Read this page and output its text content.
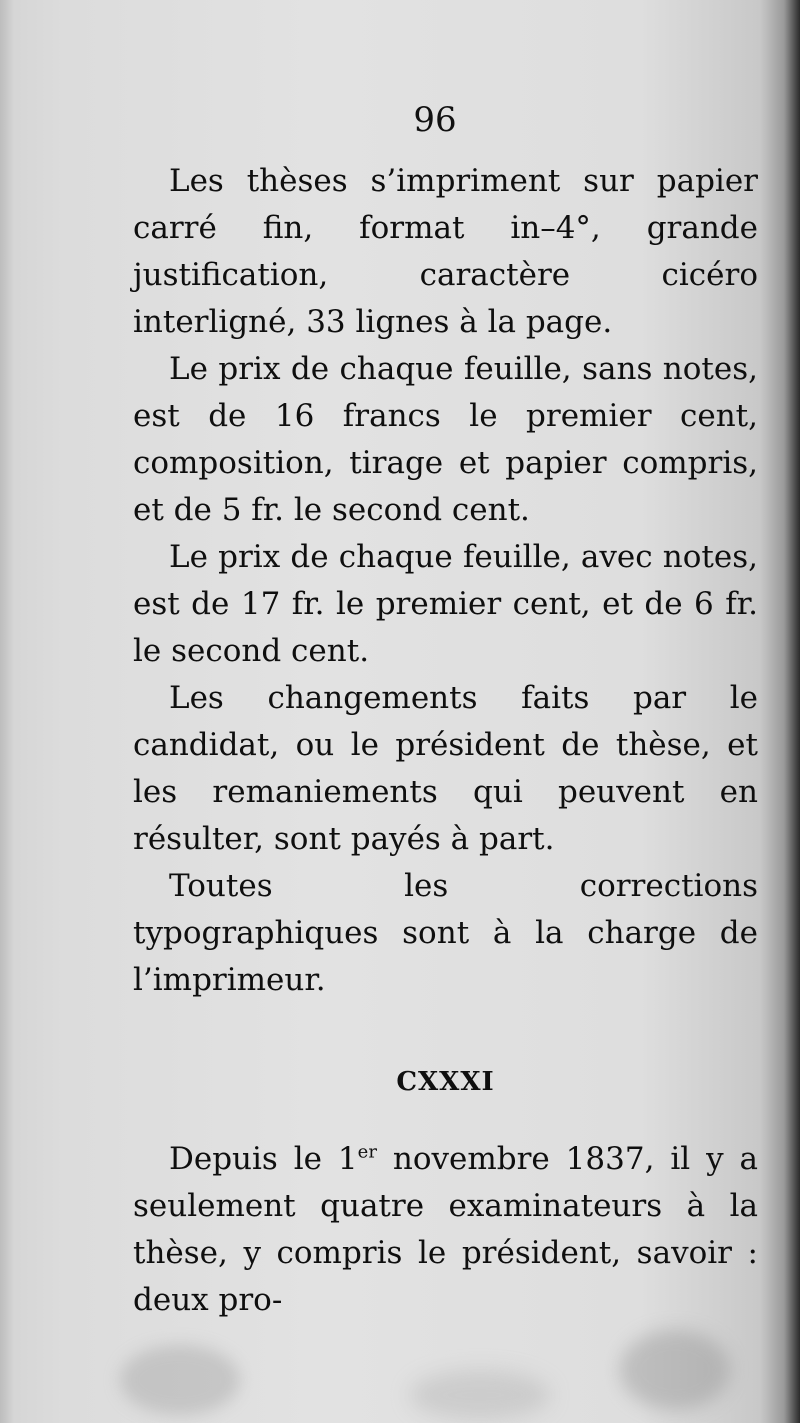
96

Les thèses s’impriment sur papier carré fin, format in–4°, grande justification, caractère cicéro interligné, 33 lignes à la page.

Le prix de chaque feuille, sans notes, est de 16 francs le premier cent, composition, tirage et papier compris, et de 5 fr. le second cent.

Le prix de chaque feuille, avec notes, est de 17 fr. le premier cent, et de 6 fr. le second cent.

Les changements faits par le candidat, ou le président de thèse, et les remaniements qui peuvent en résulter, sont payés à part.

Toutes les corrections typographiques sont à la charge de l’imprimeur.

CXXXI

Depuis le 1er novembre 1837, il y a seulement quatre examinateurs à la thèse, y compris le président, savoir : deux pro-
